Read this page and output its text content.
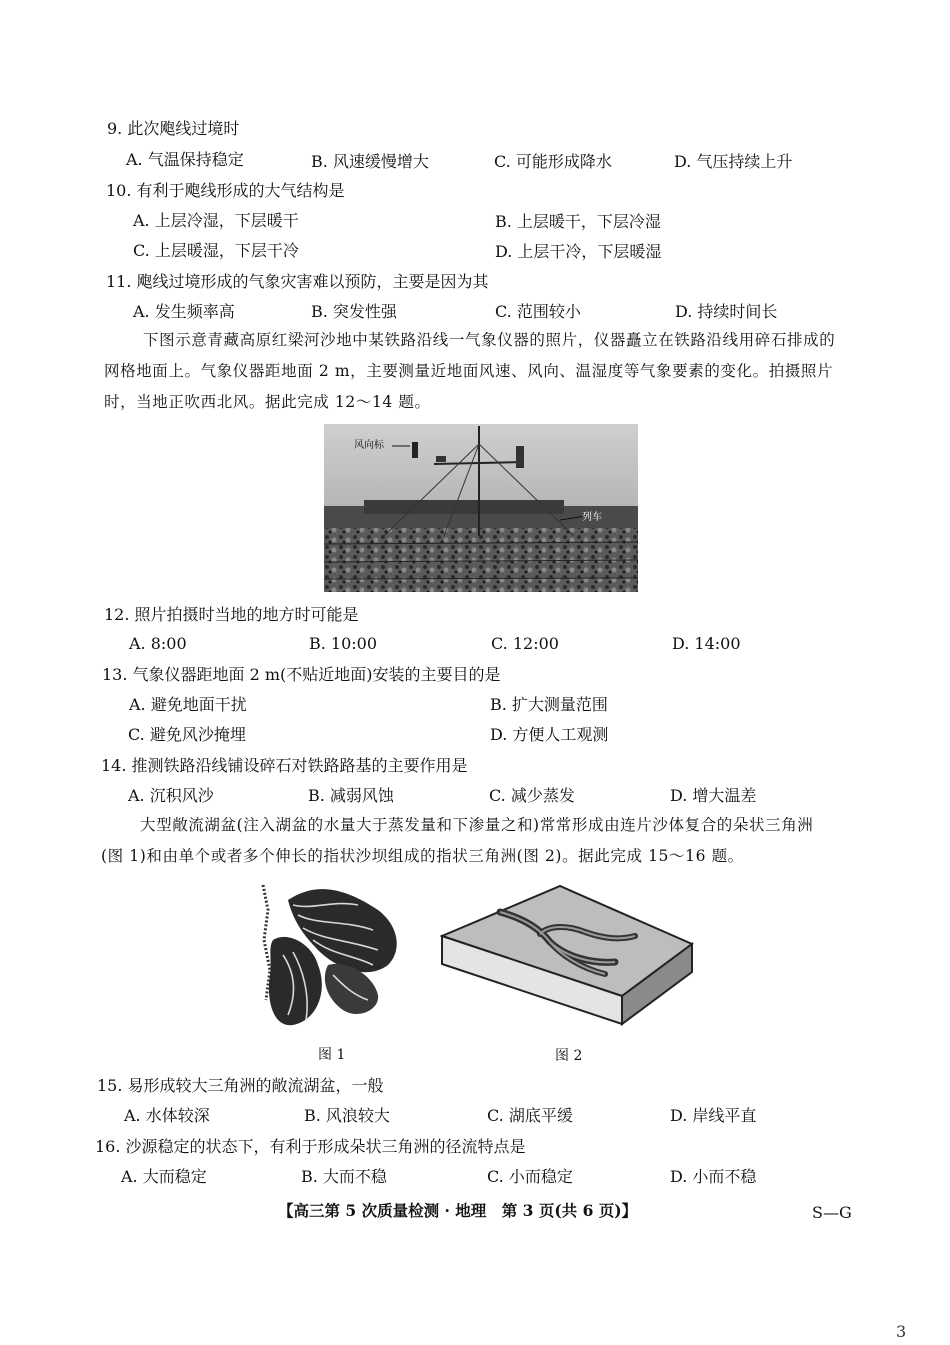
9. 此次飑线过境时
A. 气温保持稳定	B. 风速缓慢增大	C. 可能形成降水	D. 气压持续上升
10. 有利于飑线形成的大气结构是
A. 上层冷湿，下层暖干	B. 上层暖干，下层冷湿
C. 上层暖湿，下层干冷	D. 上层干冷，下层暖湿
11. 飑线过境形成的气象灾害难以预防，主要是因为其
A. 发生频率高	B. 突发性强	C. 范围较小	D. 持续时间长
下图示意青藏高原红梁河沙地中某铁路沿线一气象仪器的照片，仪器矗立在铁路沿线用碎石排成的
网格地面上。气象仪器距地面 2 m，主要测量近地面风速、风向、温湿度等气象要素的变化。拍摄照片
时，当地正吹西北风。据此完成 12～14 题。
风向标
列车
12. 照片拍摄时当地的地方时可能是
A. 8:00	B. 10:00	C. 12:00	D. 14:00
13. 气象仪器距地面 2 m(不贴近地面)安装的主要目的是
A. 避免地面干扰	B. 扩大测量范围
C. 避免风沙掩埋	D. 方便人工观测
14. 推测铁路沿线铺设碎石对铁路路基的主要作用是
A. 沉积风沙	B. 减弱风蚀	C. 减少蒸发	D. 增大温差
大型敞流湖盆(注入湖盆的水量大于蒸发量和下渗量之和)常常形成由连片沙体复合的朵状三角洲
(图 1)和由单个或者多个伸长的指状沙坝组成的指状三角洲(图 2)。据此完成 15～16 题。
图 1	图 2
15. 易形成较大三角洲的敞流湖盆，一般
A. 水体较深	B. 风浪较大	C. 湖底平缓	D. 岸线平直
16. 沙源稳定的状态下，有利于形成朵状三角洲的径流特点是
A. 大而稳定	B. 大而不稳	C. 小而稳定	D. 小而不稳
【高三第 5 次质量检测 · 地理　第 3 页(共 6 页)】	S—G
3
